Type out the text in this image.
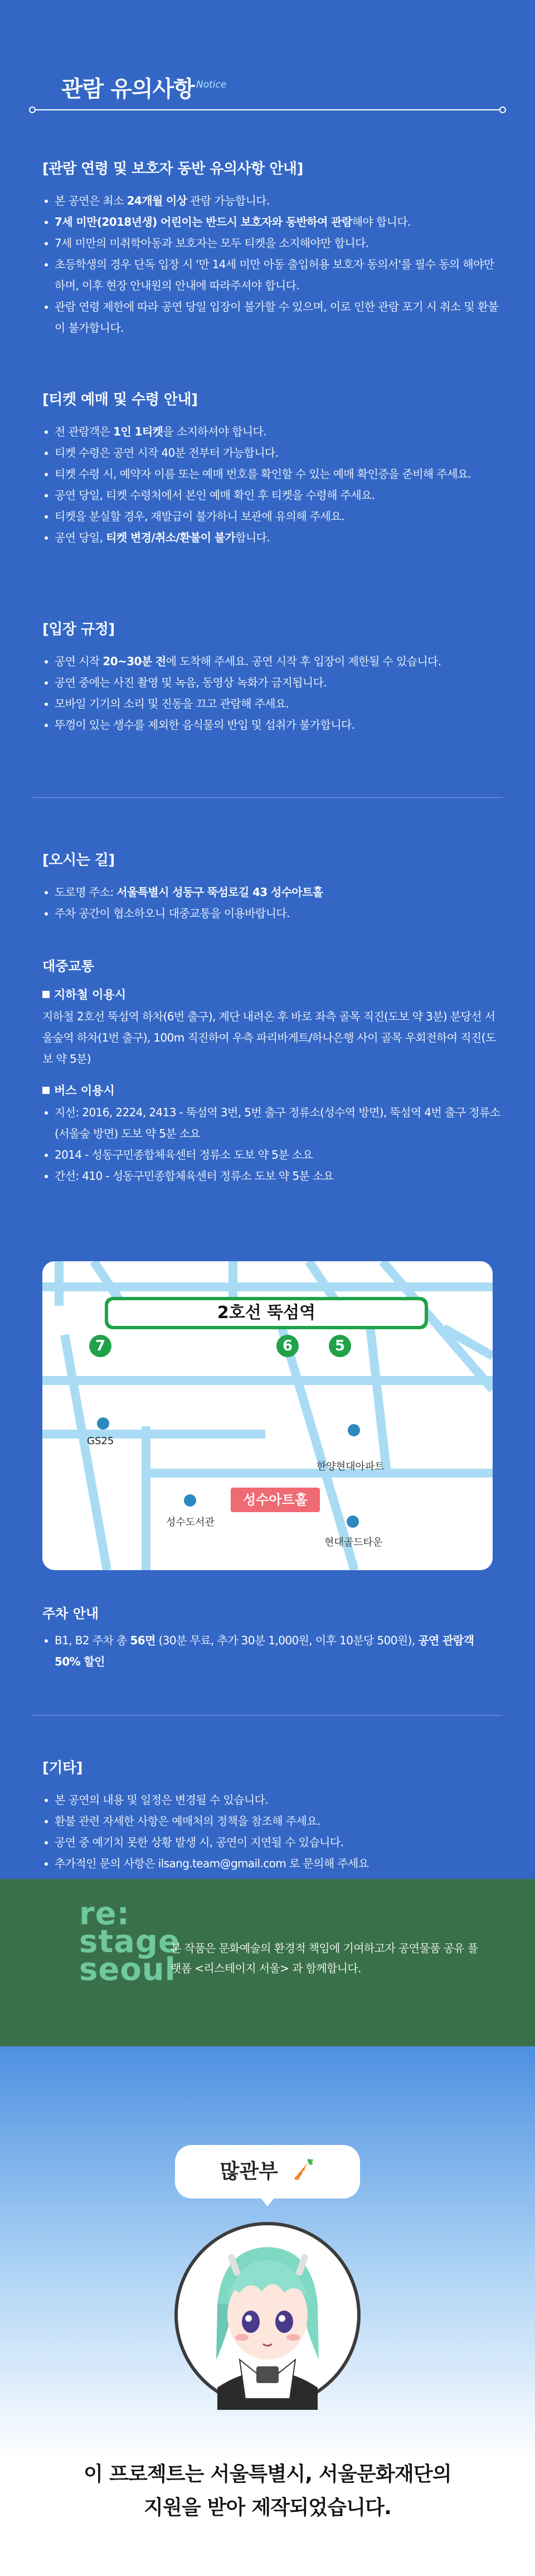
관람 유의사항 Notice
[관람 연령 및 보호자 동반 유의사항 안내]
본 공연은 최소 24개월 이상 관람 가능합니다.
7세 미만(2018년생) 어린이는 반드시 보호자와 동반하여 관람해야 합니다.
7세 미만의 미취학아동과 보호자는 모두 티켓을 소지해야만 합니다.
초등학생의 경우 단독 입장 시 '만 14세 미만 아동 출입허용 보호자 동의서'를 필수 동의 해야만 하며, 이후 현장 안내원의 안내에 따라주셔야 합니다.
관람 연령 제한에 따라 공연 당일 입장이 불가할 수 있으며, 이로 인한 관람 포기 시 취소 및 환불이 불가합니다.
[티켓 예매 및 수령 안내]
전 관람객은 1인 1티켓을 소지하셔야 합니다.
티켓 수령은 공연 시작 40분 전부터 가능합니다.
티켓 수령 시, 예약자 이름 또는 예매 번호를 확인할 수 있는 예매 확인증을 준비해 주세요.
공연 당일, 티켓 수령처에서 본인 예매 확인 후 티켓을 수령해 주세요.
티켓을 분실할 경우, 재발급이 불가하니 보관에 유의해 주세요.
공연 당일, 티켓 변경/취소/환불이 불가합니다.
[입장 규정]
공연 시작 20~30분 전에 도착해 주세요. 공연 시작 후 입장이 제한될 수 있습니다.
공연 중에는 사진 촬영 및 녹음, 동영상 녹화가 금지됩니다.
모바일 기기의 소리 및 진동을 끄고 관람해 주세요.
뚜껑이 있는 생수를 제외한 음식물의 반입 및 섭취가 불가합니다.
[오시는 길]
도로명 주소: 서울특별시 성동구 뚝섬로길 43 성수아트홀
주차 공간이 협소하오니 대중교통을 이용바랍니다.
대중교통
지하철 이용시
지하철 2호선 뚝섬역 하차(6번 출구), 계단 내려온 후 바로 좌측 골목 직진(도보 약 3분) 분당선 서울숲역 하차(1번 출구), 100m 직진하여 우측 파리바게트/하나은행 사이 골목 우회전하여 직진(도보 약 5분)
버스 이용시
지선: 2016, 2224, 2413 - 뚝섬역 3번, 5번 출구 정류소(성수역 방면), 뚝섬역 4번 출구 정류소(서울숲 방면) 도보 약 5분 소요
2014 - 성동구민종합체육센터 정류소 도보 약 5분 소요
간선: 410 - 성동구민종합체육센터 정류소 도보 약 5분 소요
2호선 뚝섬역
7	6	5
GS25
한양현대아파트
성수아트홀
성수도서관
현대골드타운
주차 안내
B1, B2 주차 총 56면 (30분 무료, 추가 30분 1,000원, 이후 10분당 500원), 공연 관람객 50% 할인
[기타]
본 공연의 내용 및 일정은 변경될 수 있습니다.
환불 관련 자세한 사항은 예매처의 정책을 참조해 주세요.
공연 중 예기치 못한 상황 발생 시, 공연이 지연될 수 있습니다.
추가적인 문의 사항은 ilsang.team@gmail.com 로 문의해 주세요
re:
stage
seoul
본 작품은 문화예술의 환경적 책임에 기여하고자 공연물품 공유 플랫폼 <리스테이지 서울> 과 함께합니다.
많관부
이 프로젝트는 서울특별시, 서울문화재단의
지원을 받아 제작되었습니다.
